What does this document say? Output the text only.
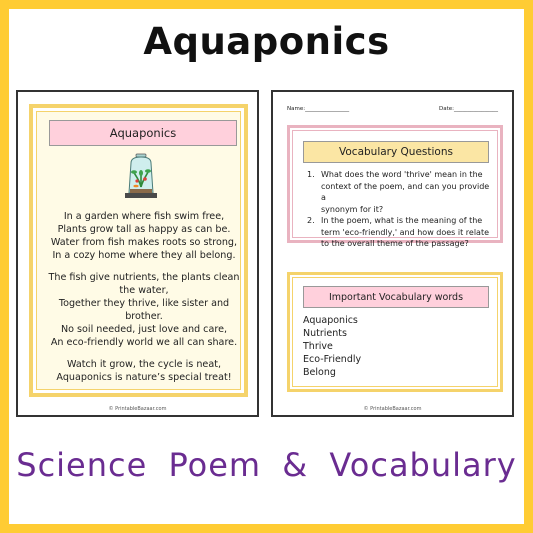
Aquaponics
Aquaponics
In a garden where fish swim free,
Plants grow tall as happy as can be.
Water from fish makes roots so strong,
In a cozy home where they all belong.
The fish give nutrients, the plants clean
the water,
Together they thrive, like sister and
brother.
No soil needed, just love and care,
An eco-friendly world we all can share.
Watch it grow, the cycle is neat,
Aquaponics is nature’s special treat!
© PrintableBazaar.com
Name:________________	Date:________________
Vocabulary Questions
1. What does the word 'thrive' mean in the
context of the poem, and can you provide a
synonym for it?
2. In the poem, what is the meaning of the
term 'eco-friendly,' and how does it relate
to the overall theme of the passage?
Important Vocabulary words
Aquaponics
Nutrients
Thrive
Eco-Friendly
Belong
© PrintableBazaar.com
Science Poem & Vocabulary
